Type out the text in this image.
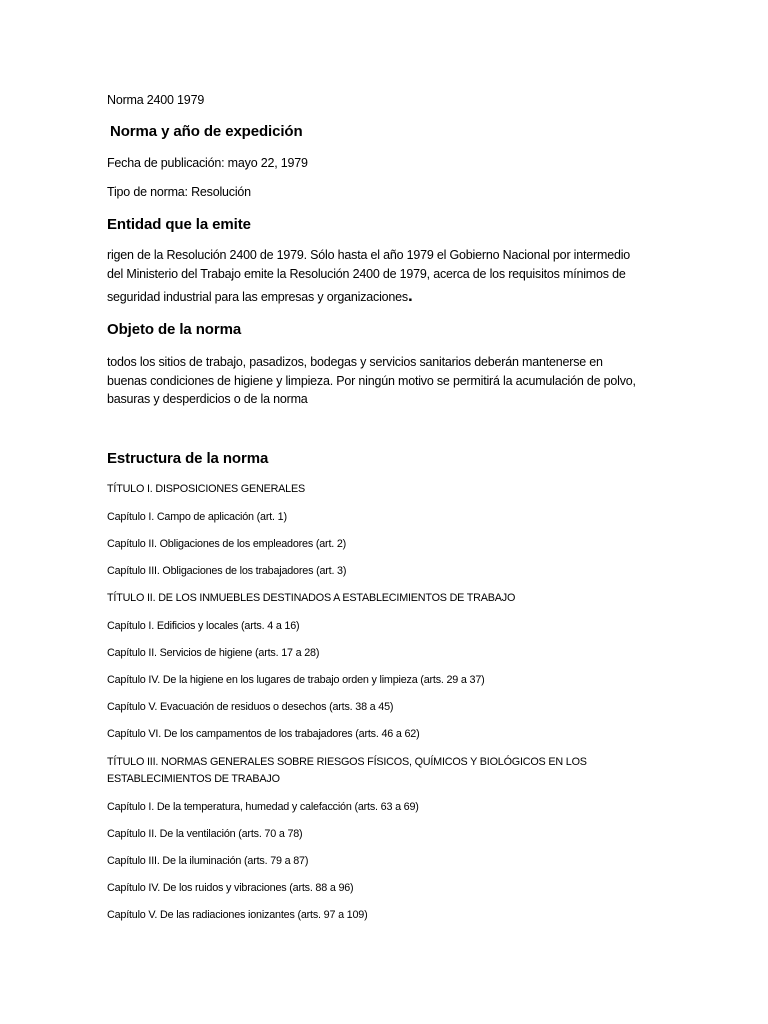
Norma 2400 1979
Norma y año de expedición
Fecha de publicación: mayo 22, 1979
Tipo de norma: Resolución
Entidad que la emite
rigen de la Resolución 2400 de 1979. Sólo hasta el año 1979 el Gobierno Nacional por intermedio
del Ministerio del Trabajo emite la Resolución 2400 de 1979, acerca de los requisitos mínimos de
seguridad industrial para las empresas y organizaciones.
Objeto de la norma
todos los sitios de trabajo, pasadizos, bodegas y servicios sanitarios deberán mantenerse en
buenas condiciones de higiene y limpieza. Por ningún motivo se permitirá la acumulación de polvo,
basuras y desperdicios o de la norma
Estructura de la norma
TÍTULO I. DISPOSICIONES GENERALES
Capítulo I. Campo de aplicación (art. 1)
Capítulo II. Obligaciones de los empleadores (art. 2)
Capítulo III. Obligaciones de los trabajadores (art. 3)
TÍTULO II. DE LOS INMUEBLES DESTINADOS A ESTABLECIMIENTOS DE TRABAJO
Capítulo I. Edificios y locales (arts. 4 a 16)
Capítulo II. Servicios de higiene (arts. 17 a 28)
Capítulo IV. De la higiene en los lugares de trabajo orden y limpieza (arts. 29 a 37)
Capítulo V. Evacuación de residuos o desechos (arts. 38 a 45)
Capítulo VI. De los campamentos de los trabajadores (arts. 46 a 62)
TÍTULO III. NORMAS GENERALES SOBRE RIESGOS FÍSICOS, QUÍMICOS Y BIOLÓGICOS EN LOS
ESTABLECIMIENTOS DE TRABAJO
Capítulo I. De la temperatura, humedad y calefacción (arts. 63 a 69)
Capítulo II. De la ventilación (arts. 70 a 78)
Capítulo III. De la iluminación (arts. 79 a 87)
Capítulo IV. De los ruidos y vibraciones (arts. 88 a 96)
Capítulo V. De las radiaciones ionizantes (arts. 97 a 109)
